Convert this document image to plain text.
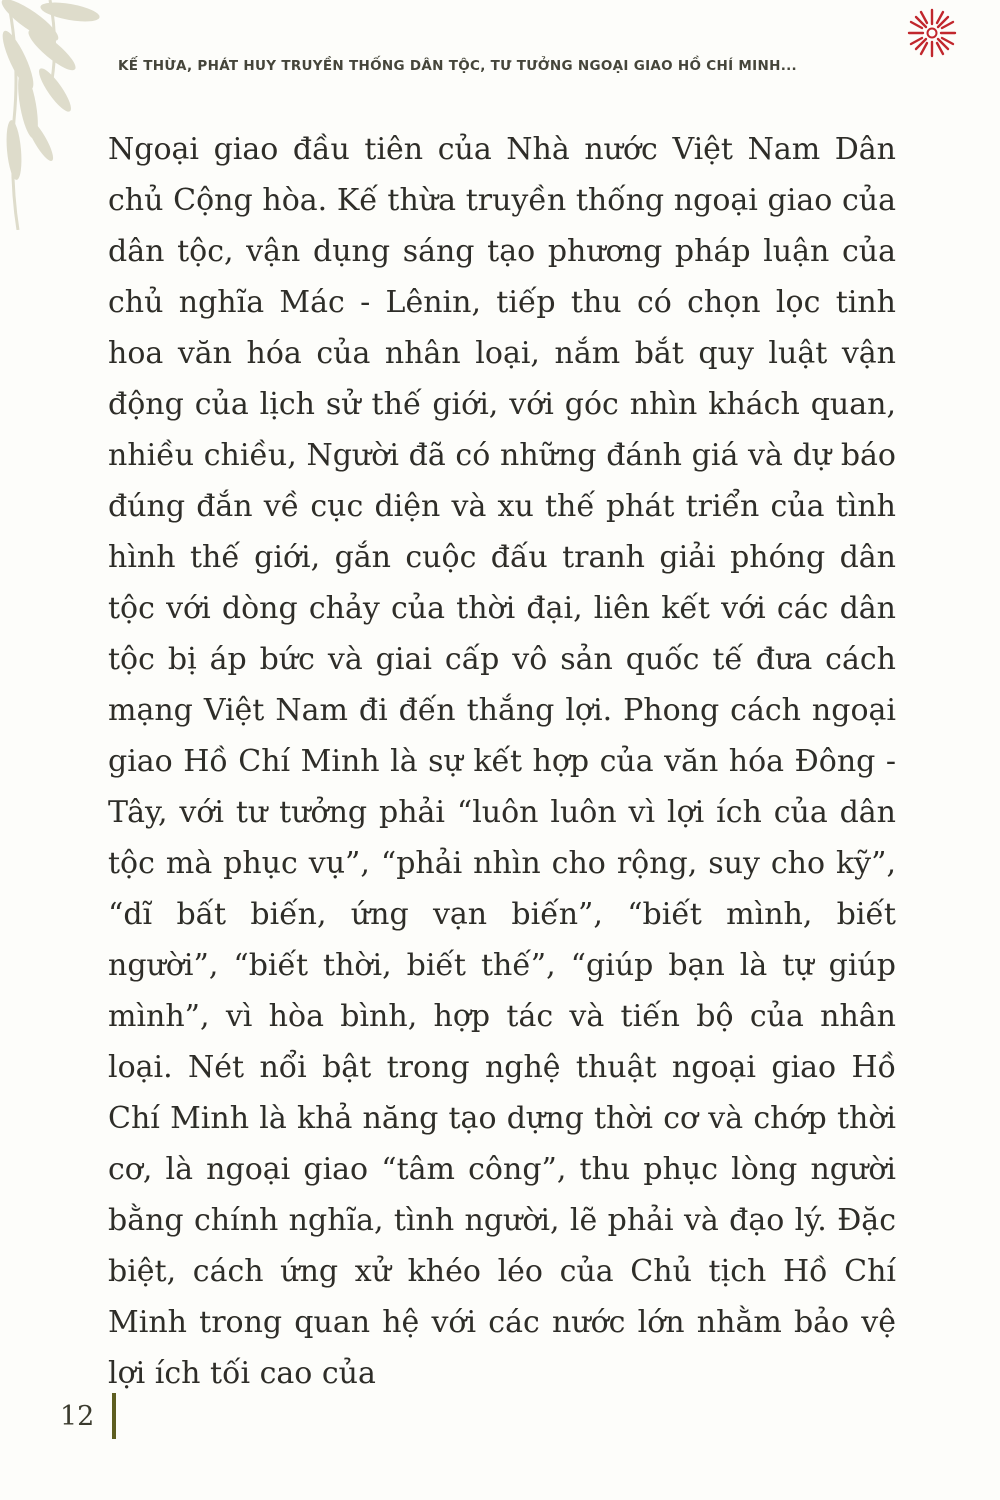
KẾ THỪA, PHÁT HUY TRUYỀN THỐNG DÂN TỘC, TƯ TƯỞNG NGOẠI GIAO HỒ CHÍ MINH...
Ngoại giao đầu tiên của Nhà nước Việt Nam Dân chủ Cộng hòa. Kế thừa truyền thống ngoại giao của dân tộc, vận dụng sáng tạo phương pháp luận của chủ nghĩa Mác - Lênin, tiếp thu có chọn lọc tinh hoa văn hóa của nhân loại, nắm bắt quy luật vận động của lịch sử thế giới, với góc nhìn khách quan, nhiều chiều, Người đã có những đánh giá và dự báo đúng đắn về cục diện và xu thế phát triển của tình hình thế giới, gắn cuộc đấu tranh giải phóng dân tộc với dòng chảy của thời đại, liên kết với các dân tộc bị áp bức và giai cấp vô sản quốc tế đưa cách mạng Việt Nam đi đến thắng lợi. Phong cách ngoại giao Hồ Chí Minh là sự kết hợp của văn hóa Đông - Tây, với tư tưởng phải “luôn luôn vì lợi ích của dân tộc mà phục vụ”, “phải nhìn cho rộng, suy cho kỹ”, “dĩ bất biến, ứng vạn biến”, “biết mình, biết người”, “biết thời, biết thế”, “giúp bạn là tự giúp mình”, vì hòa bình, hợp tác và tiến bộ của nhân loại. Nét nổi bật trong nghệ thuật ngoại giao Hồ Chí Minh là khả năng tạo dựng thời cơ và chớp thời cơ, là ngoại giao “tâm công”, thu phục lòng người bằng chính nghĩa, tình người, lẽ phải và đạo lý. Đặc biệt, cách ứng xử khéo léo của Chủ tịch Hồ Chí Minh trong quan hệ với các nước lớn nhằm bảo vệ lợi ích tối cao của
12
